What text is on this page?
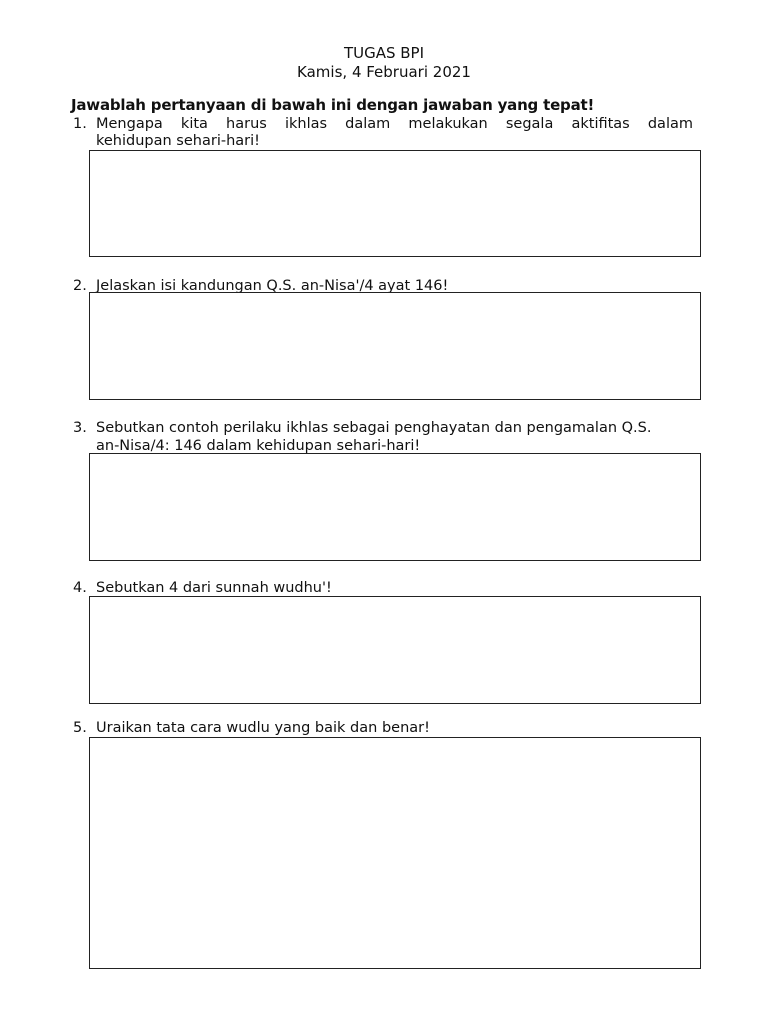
TUGAS BPI
Kamis, 4 Februari 2021
Jawablah pertanyaan di bawah ini dengan jawaban yang tepat!
1. Mengapa kita harus ikhlas dalam melakukan segala aktifitas dalam
kehidupan sehari-hari!
2. Jelaskan isi kandungan Q.S. an-Nisa'/4 ayat 146!
3. Sebutkan contoh perilaku ikhlas sebagai penghayatan dan pengamalan Q.S.
an-Nisa/4: 146 dalam kehidupan sehari-hari!
4. Sebutkan 4 dari sunnah wudhu'!
5. Uraikan tata cara wudlu yang baik dan benar!
